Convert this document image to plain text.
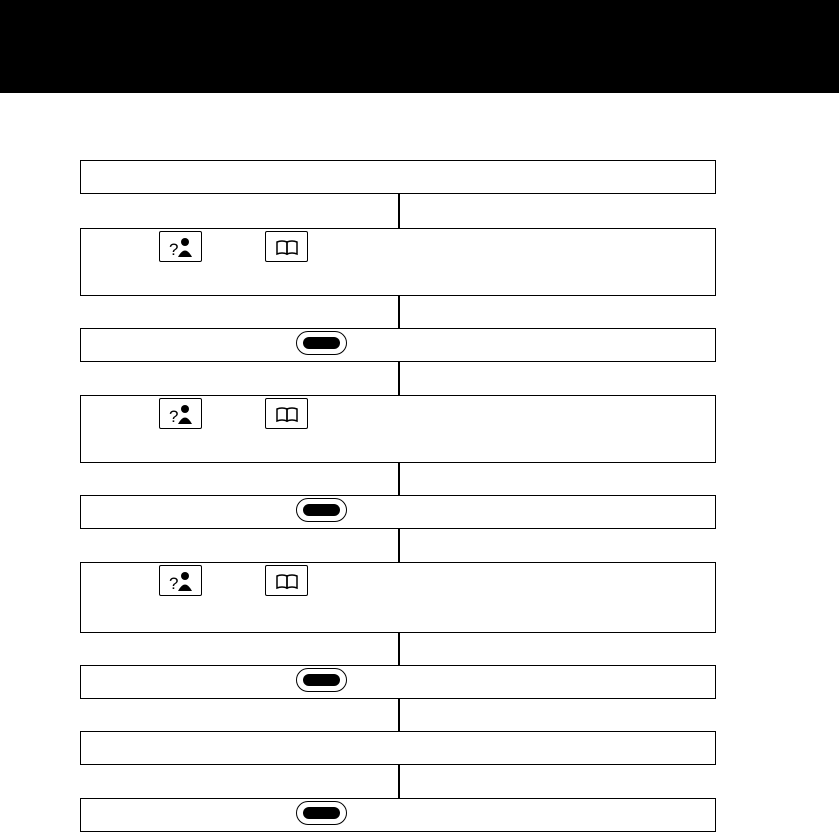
?
?
?
